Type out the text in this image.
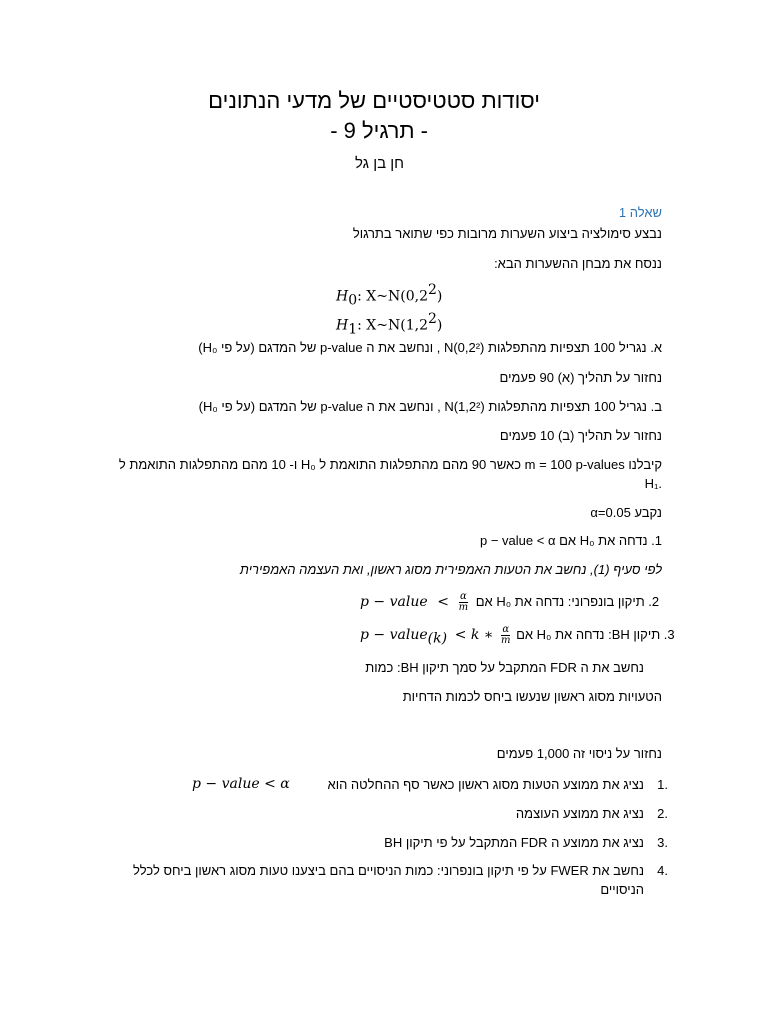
יסודות סטטיסטיים של מדעי הנתונים
- תרגיל 9 -
חן בן גל
שאלה 1
נבצע סימולציה ביצוע השערות מרובות כפי שתואר בתרגול
ננסח את מבחן ההשערות הבא:
$H_0$: $X\sim N(0,2^2)$
$H_1$: $X\sim N(1,2^2)$
א. נגריל 100 תצפיות מהתפלגות N(0,2²) , ונחשב את ה p-value של המדגם (על פי H₀)
נחזור על תהליך (א) 90 פעמים
ב. נגריל 100 תצפיות מהתפלגות N(1,2²) , ונחשב את ה p-value של המדגם (על פי H₀)
נחזור על תהליך (ב) 10 פעמים
קיבלנו m = 100 p-values כאשר 90 מהם מהתפלגות התואמת ל H₀ ו- 10 מהם מהתפלגות התואמת ל
.H₁
נקבע α=0.05
1. נדחה את H₀ אם p − value < α
לפי סעיף (1), נחשב את הטעות האמפירית מסוג ראשון, ואת העצמה האמפירית
p − value < $\frac{\alpha}{m} 2$. תיקון בונפרוני: נדחה את H₀ אם
p − value$_{(k)}$ < k ∗ $\frac{\alpha}{m} 3$. תיקון BH: נדחה את H₀ אם
נחשב את ה FDR המתקבל על סמך תיקון BH: כמות
הטעויות מסוג ראשון שנעשו ביחס לכמות הדחיות
נחזור על ניסוי זה 1,000 פעמים
1.
נציג את ממוצע הטעות מסוג ראשון כאשר סף ההחלטה הוא
p − value < α
2.
נציג את ממוצע העוצמה
3.
נציג את ממוצע ה FDR המתקבל על פי תיקון BH
4.
נחשב את FWER על פי תיקון בונפרוני: כמות הניסויים בהם ביצענו טעות מסוג ראשון ביחס לכלל
הניסויים
